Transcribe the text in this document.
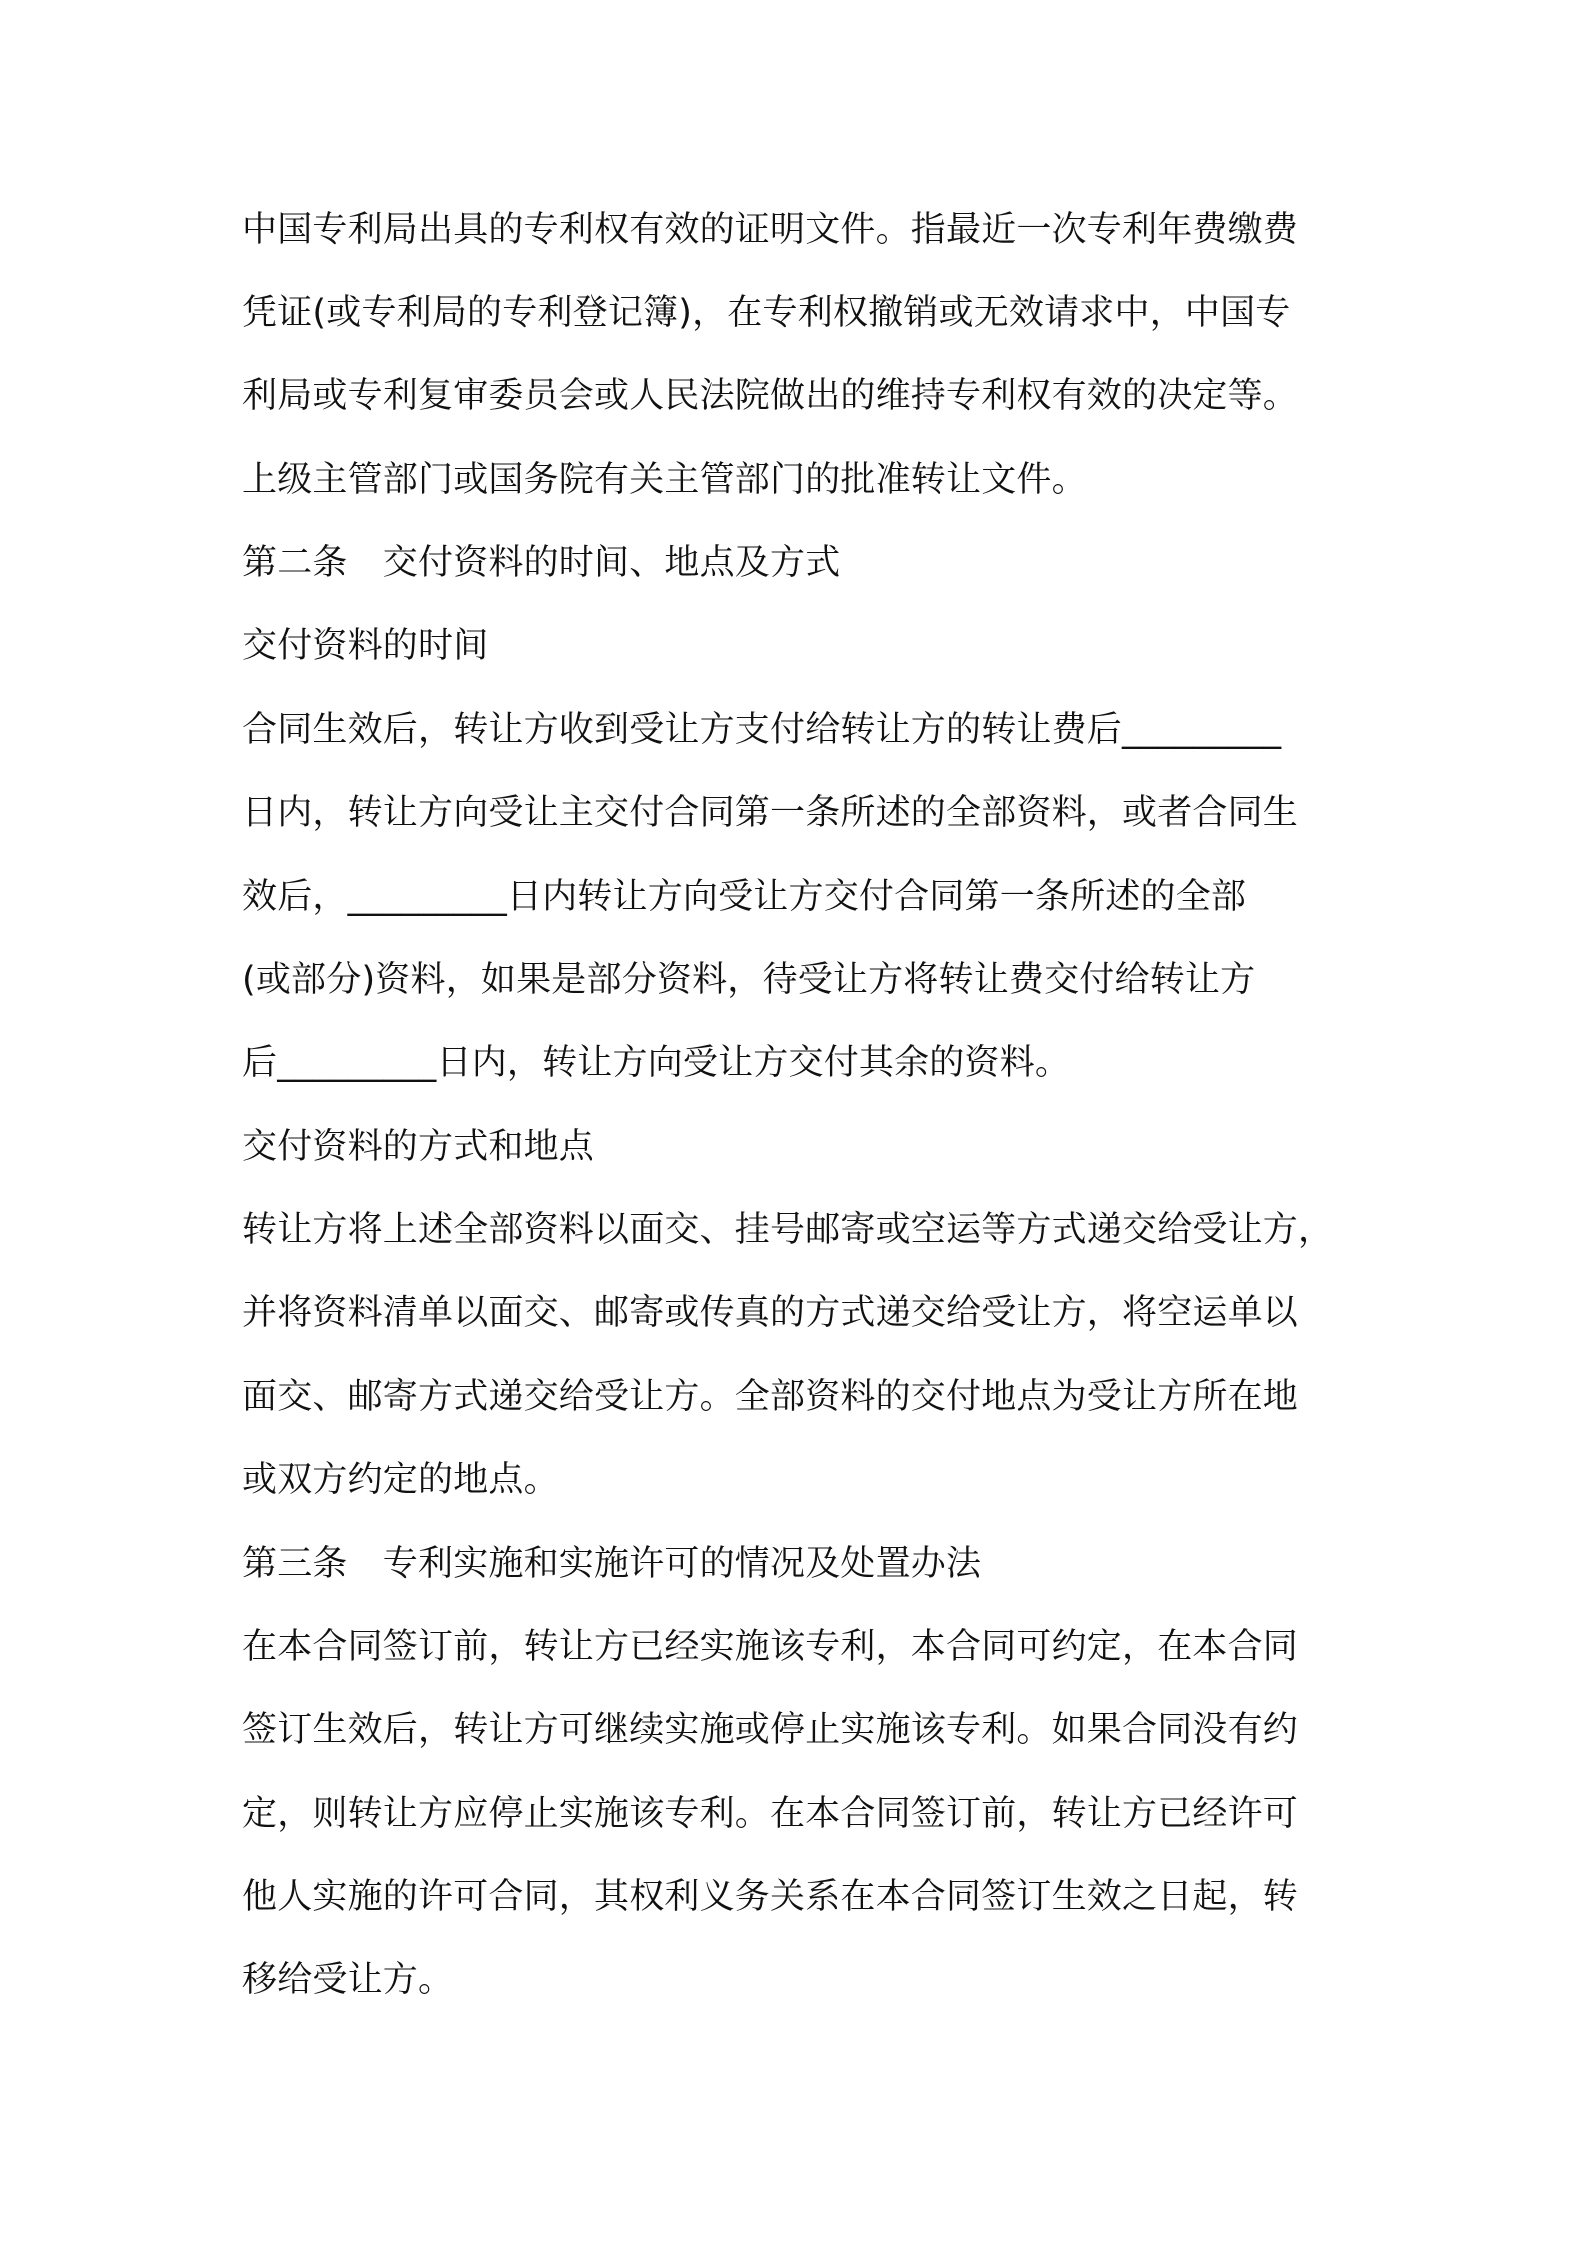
中国专利局出具的专利权有效的证明文件。指最近一次专利年费缴费
凭证(或专利局的专利登记簿)，在专利权撤销或无效请求中，中国专
利局或专利复审委员会或人民法院做出的维持专利权有效的决定等。
上级主管部门或国务院有关主管部门的批准转让文件。
第二条　交付资料的时间、地点及方式
交付资料的时间
合同生效后，转让方收到受让方支付给转让方的转让费后_________
日内，转让方向受让主交付合同第一条所述的全部资料，或者合同生
效后，_________日内转让方向受让方交付合同第一条所述的全部
(或部分)资料，如果是部分资料，待受让方将转让费交付给转让方
后_________日内，转让方向受让方交付其余的资料。
交付资料的方式和地点
转让方将上述全部资料以面交、挂号邮寄或空运等方式递交给受让方，
并将资料清单以面交、邮寄或传真的方式递交给受让方，将空运单以
面交、邮寄方式递交给受让方。全部资料的交付地点为受让方所在地
或双方约定的地点。
第三条　专利实施和实施许可的情况及处置办法
在本合同签订前，转让方已经实施该专利，本合同可约定，在本合同
签订生效后，转让方可继续实施或停止实施该专利。如果合同没有约
定，则转让方应停止实施该专利。在本合同签订前，转让方已经许可
他人实施的许可合同，其权利义务关系在本合同签订生效之日起，转
移给受让方。
